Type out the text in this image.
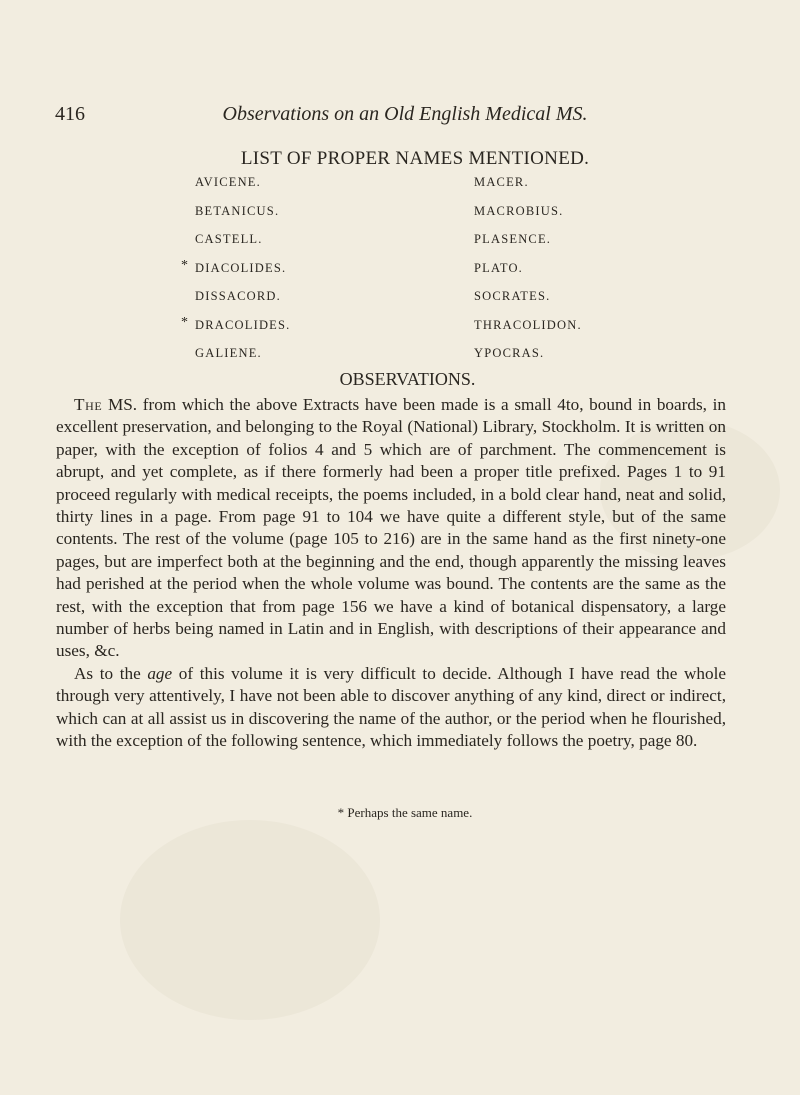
416	Observations on an Old English Medical MS.
LIST OF PROPER NAMES MENTIONED.
AVICENE.
BETANICUS.
CASTELL.
* DIACOLIDES.
DISSACORD.
* DRACOLIDES.
GALIENE.
MACER.
MACROBIUS.
PLASENCE.
PLATO.
SOCRATES.
THRACOLIDON.
YPOCRAS.
OBSERVATIONS.

The MS. from which the above Extracts have been made is a small 4to, bound in boards, in excellent preservation, and belonging to the Royal (National) Library, Stockholm. It is written on paper, with the exception of folios 4 and 5 which are of parchment. The commencement is abrupt, and yet complete, as if there formerly had been a proper title prefixed. Pages 1 to 91 proceed regularly with medical receipts, the poems included, in a bold clear hand, neat and solid, thirty lines in a page. From page 91 to 104 we have quite a different style, but of the same contents. The rest of the volume (page 105 to 216) are in the same hand as the first ninety-one pages, but are imperfect both at the beginning and the end, though apparently the missing leaves had perished at the period when the whole volume was bound. The contents are the same as the rest, with the exception that from page 156 we have a kind of botanical dispensatory, a large number of herbs being named in Latin and in English, with descriptions of their appearance and uses, &c.

As to the age of this volume it is very difficult to decide. Although I have read the whole through very attentively, I have not been able to discover anything of any kind, direct or indirect, which can at all assist us in discovering the name of the author, or the period when he flourished, with the exception of the following sentence, which immediately follows the poetry, page 80.

* Perhaps the same name.
